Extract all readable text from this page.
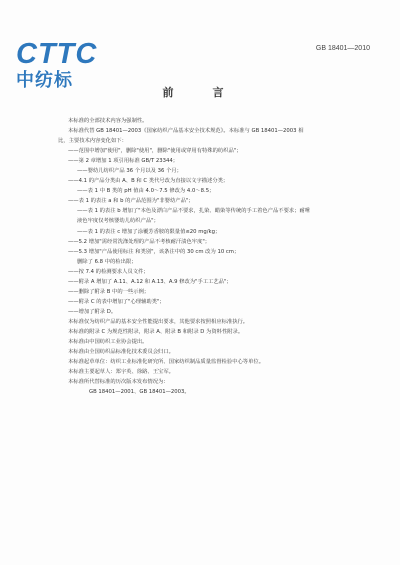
CTTC
中纺标
GB 18401—2010
前　言
本标准的全部技术内容为强制性。
本标准代替 GB 18401—2003《国家纺织产品基本安全技术规范》。本标准与 GB 18401—2003 相
比，主要技术内容变化如下：
——范围中增加"使用"，删除"使用"，删除"使用或穿用有特殊的纺织品"；
——第 2 章增加 1 项引用标准 GB/T 23344；
——婴幼儿纺织产品 36 个月以及 36 个月；
——4.1 的产品分类由 A、B 和 C 类代号改为直接以文字描述分类；
——表 1 中 B 类的 pH 值由 4.0～7.5 修改为 4.0～8.5；
——表 1 的表注 a 和 b 的产品范围为"非婴幼产品"；
——表 1 的表注 b 增加了"本色及漂白产品不要求，扎染、蜡染等传统的手工着色产品不要求；耐唾
液色牢度仅考核婴幼儿纺织产品"；
——表 1 的表注 c 增加了涂覆芳香胺的限量值≤20 mg/kg；
——5.2 增加"需经常洗涤处理的产品不考核耐汗渍色牢度"；
——5.3 增加"产品使用标注 和类别"，该条注中的 30 cm 改为 10 cm；
删除了 6.8 中的检出限；
——按 7.4 的检测要求人员文件；
——附录 A 增加了 A.11、A.12 和 A.13、A.9 修改为"手工工艺品"；
——删除了附录 B 中的一些示例；
——附录 C 的表中增加了"心理辅助类"；
——增加了附录 D。
本标准仅为纺织产品的基本安全性能提出要求，其他要求按照相应标准执行。
本标准的附录 C 为规范性附录，附录 A、附录 B 和附录 D 为资料性附录。
本标准由中国纺织工业协会提出。
本标准由全国纺织品标准化技术委员会归口。
本标准起草单位：纺织工业标准化研究所、国家纺织制品质量监督检验中心等单位。
本标准主要起草人：郑宇英、徐路、王宝军。
本标准所代替标准的历次版本发布情况为：
GB 18401—2001、GB 18401—2003。
